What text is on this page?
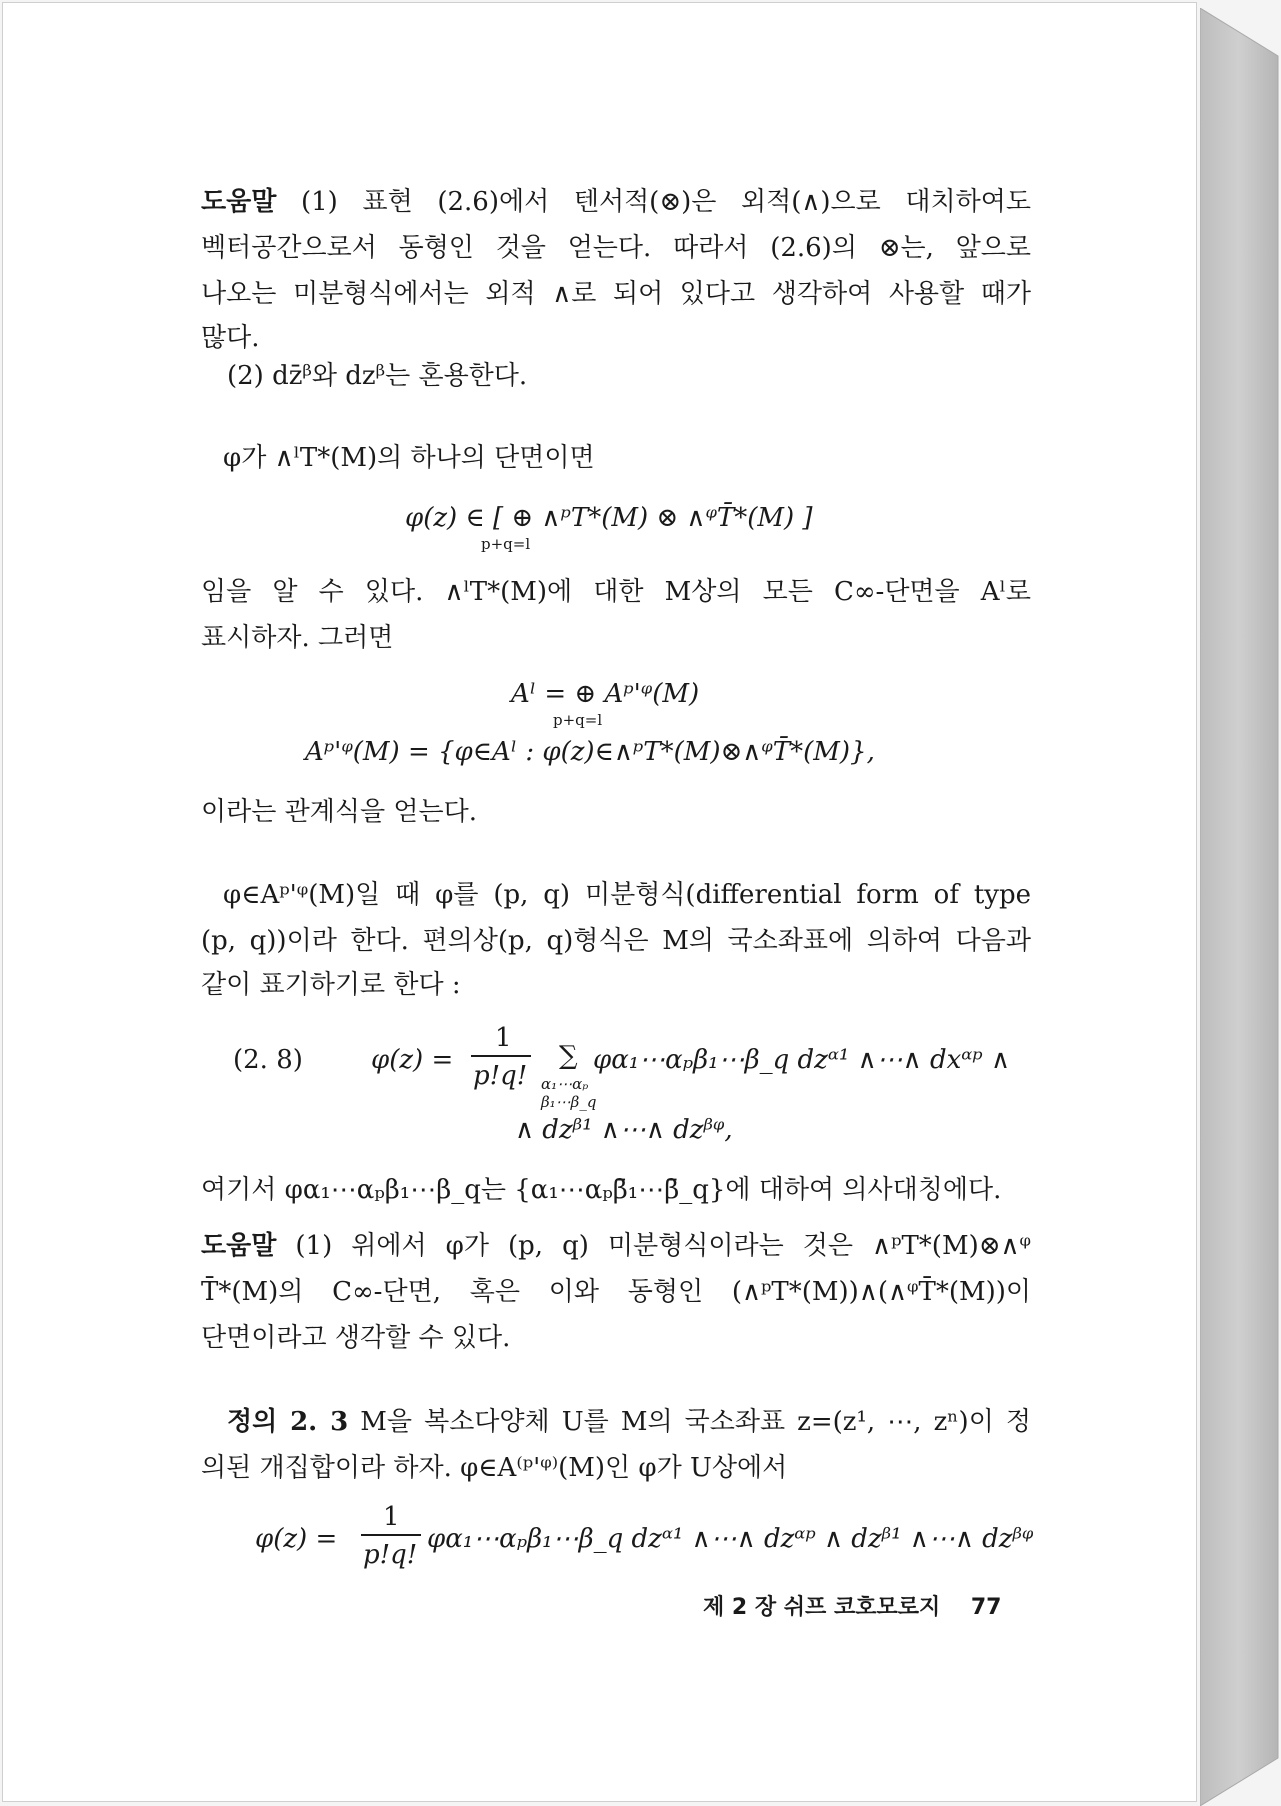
도움말 (1) 표현 (2.6)에서 텐서적(⊗)은 외적(∧)으로 대치하여도
벡터공간으로서 동형인 것을 얻는다. 따라서 (2.6)의 ⊗는, 앞으로
나오는 미분형식에서는 외적 ∧로 되어 있다고 생각하여 사용할 때가
많다.
(2) dz̄ᵝ와 dzᵝ는 혼용한다.
φ가 ∧ˡT*(M)의 하나의 단면이면
φ(z) ∈ [ ⊕ ∧ᵖT*(M) ⊗ ∧ᵠT̄*(M) ]
p+q=l
임을 알 수 있다. ∧ˡT*(M)에 대한 M상의 모든 C∞-단면을 Aˡ로
표시하자. 그러면
Aˡ = ⊕ Aᵖ'ᵠ(M)
p+q=l
Aᵖ'ᵠ(M) = {φ∈Aˡ : φ(z)∈∧ᵖT*(M)⊗∧ᵠT̄*(M)},
이라는 관계식을 얻는다.
φ∈Aᵖ'ᵠ(M)일 때 φ를 (p, q) 미분형식(differential form of type
(p, q))이라 한다. 편의상(p, q)형식은 M의 국소좌표에 의하여 다음과
같이 표기하기로 한다 :
(2. 8)	φ(z) =
1
p!q!
∑
α₁⋯αₚ
β₁⋯β_q
φα₁⋯αₚβ₁⋯β_q dzᵅ¹ ∧⋯∧ dxᵅᵖ ∧
∧ dzᵝ¹ ∧⋯∧ dzᵝᵠ,
여기서 φα₁⋯αₚβ₁⋯β_q는 {α₁⋯αₚβ̄₁⋯β̄_q}에 대하여 의사대칭에다.
도움말 (1) 위에서 φ가 (p, q) 미분형식이라는 것은 ∧ᵖT*(M)⊗∧ᵠ
T̄*(M)의 C∞-단면, 혹은 이와 동형인 (∧ᵖT*(M))∧(∧ᵠT̄*(M))이
단면이라고 생각할 수 있다.
정의 2. 3 M을 복소다양체 U를 M의 국소좌표 z=(z¹, ⋯, zⁿ)이 정
의된 개집합이라 하자. φ∈A⁽ᵖ'ᵠ⁾(M)인 φ가 U상에서
φ(z) =
1
p!q!
φα₁⋯αₚβ₁⋯β_q dzᵅ¹ ∧⋯∧ dzᵅᵖ ∧ dzᵝ¹ ∧⋯∧ dzᵝᵠ
제 2 장 쉬프 코호모로지 77
